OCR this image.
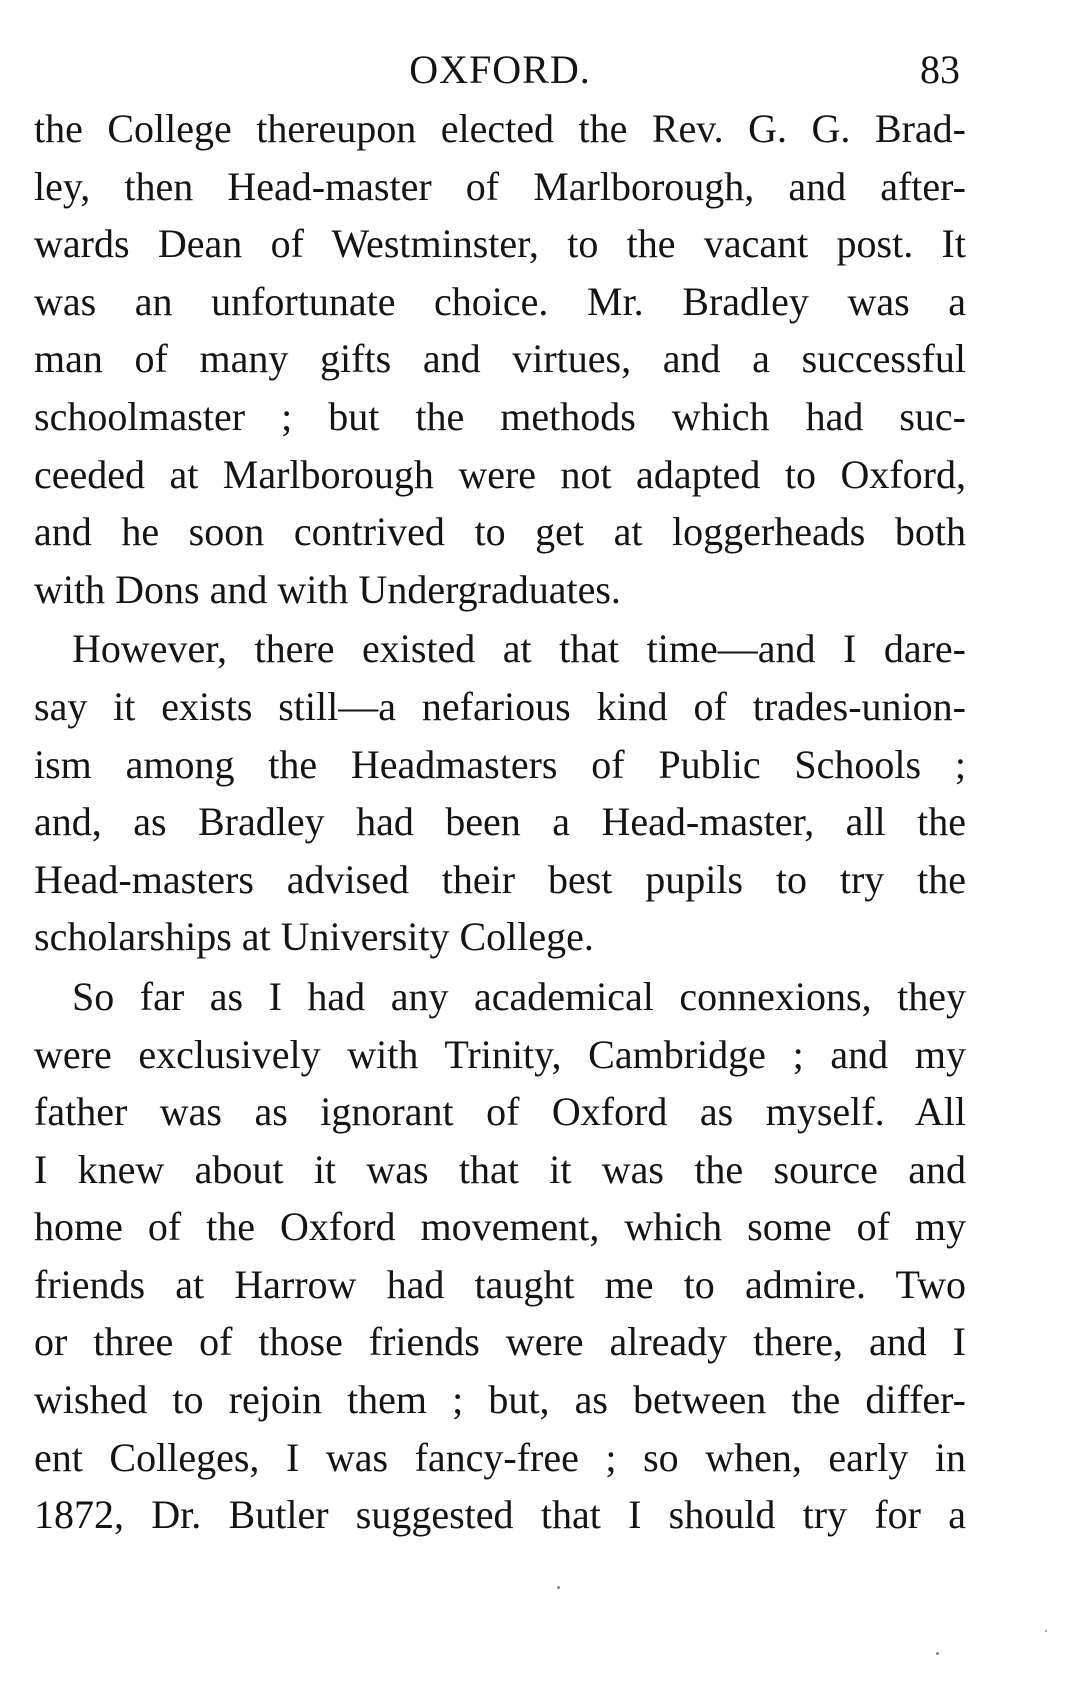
OXFORD.	83

the College thereupon elected the Rev. G. G. Brad-
ley, then Head-master of Marlborough, and after-
wards Dean of Westminster, to the vacant post. It
was an unfortunate choice. Mr. Bradley was a
man of many gifts and virtues, and a successful
schoolmaster ; but the methods which had suc-
ceeded at Marlborough were not adapted to Oxford,
and he soon contrived to get at loggerheads both
with Dons and with Undergraduates.

However, there existed at that time—and I dare-
say it exists still—a nefarious kind of trades-union-
ism among the Headmasters of Public Schools ;
and, as Bradley had been a Head-master, all the
Head-masters advised their best pupils to try the
scholarships at University College.

So far as I had any academical connexions, they
were exclusively with Trinity, Cambridge ; and my
father was as ignorant of Oxford as myself. All
I knew about it was that it was the source and
home of the Oxford movement, which some of my
friends at Harrow had taught me to admire. Two
or three of those friends were already there, and I
wished to rejoin them ; but, as between the differ-
ent Colleges, I was fancy-free ; so when, early in
1872, Dr. Butler suggested that I should try for a
